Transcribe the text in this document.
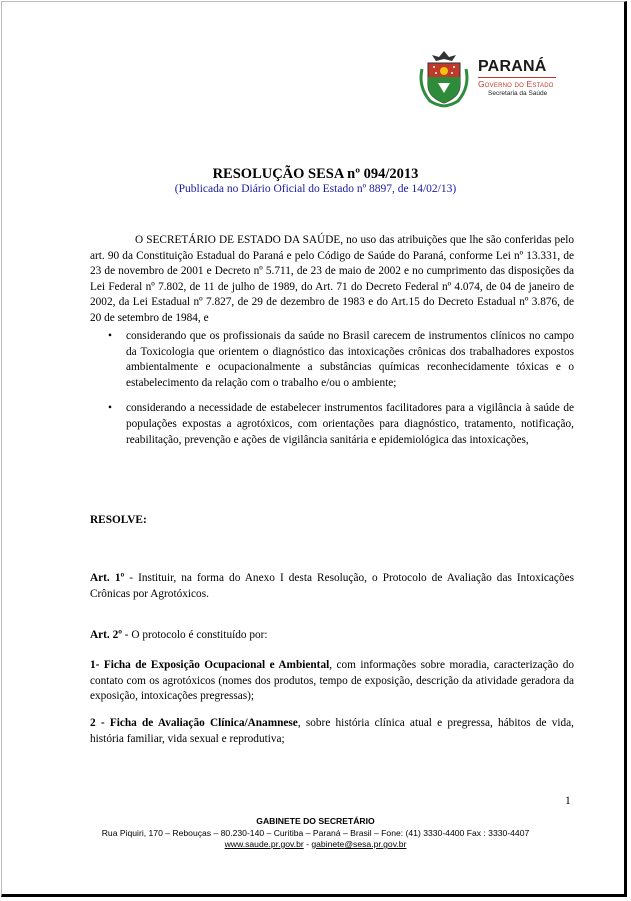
PARANÁ
Governo do Estado
Secretaria da Saúde
RESOLUÇÃO SESA nº 094/2013
(Publicada no Diário Oficial do Estado nº 8897, de 14/02/13)
O SECRETÁRIO DE ESTADO DA SAÚDE, no uso das atribuições que lhe são conferidas pelo art. 90 da Constituição Estadual do Paraná e pelo Código de Saúde do Paraná, conforme Lei nº 13.331, de 23 de novembro de 2001 e Decreto nº 5.711, de 23 de maio de 2002 e no cumprimento das disposições da Lei Federal nº 7.802, de 11 de julho de 1989, do Art. 71 do Decreto Federal nº 4.074, de 04 de janeiro de 2002, da Lei Estadual nº 7.827, de 29 de dezembro de 1983 e do Art.15 do Decreto Estadual nº 3.876, de 20 de setembro de 1984, e
• considerando que os profissionais da saúde no Brasil carecem de instrumentos clínicos no campo da Toxicologia que orientem o diagnóstico das intoxicações crônicas dos trabalhadores expostos ambientalmente e ocupacionalmente a substâncias químicas reconhecidamente tóxicas e o estabelecimento da relação com o trabalho e/ou o ambiente;
• considerando a necessidade de estabelecer instrumentos facilitadores para a vigilância à saúde de populações expostas a agrotóxicos, com orientações para diagnóstico, tratamento, notificação, reabilitação, prevenção e ações de vigilância sanitária e epidemiológica das intoxicações,
RESOLVE:
Art. 1º - Instituir, na forma do Anexo I desta Resolução, o Protocolo de Avaliação das Intoxicações Crônicas por Agrotóxicos.
Art. 2º - O protocolo é constituído por:
1- Ficha de Exposição Ocupacional e Ambiental, com informações sobre moradia, caracterização do contato com os agrotóxicos (nomes dos produtos, tempo de exposição, descrição da atividade geradora da exposição, intoxicações pregressas);
2 - Ficha de Avaliação Clínica/Anamnese, sobre história clínica atual e pregressa, hábitos de vida, história familiar, vida sexual e reprodutiva;
1
GABINETE DO SECRETÁRIO
Rua Piquiri, 170 – Rebouças – 80.230-140 – Curitiba – Paraná – Brasil – Fone: (41) 3330-4400 Fax : 3330-4407
www.saude.pr.gov.br - gabinete@sesa.pr.gov.br
